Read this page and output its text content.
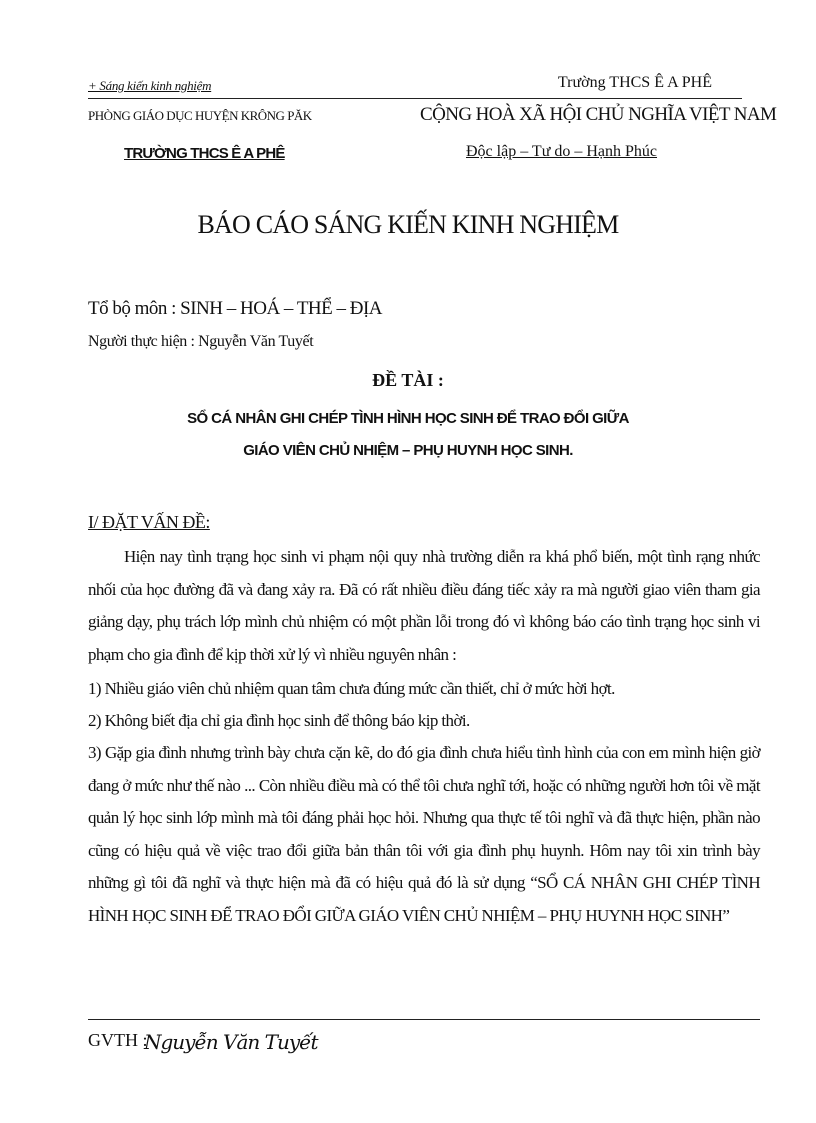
+ Sáng kiến kinh nghiệm	Trường THCS Ê A PHÊ
PHÒNG GIÁO DỤC HUYỆN KRÔNG PĂK	CỘNG HOÀ XÃ HỘI CHỦ NGHĨA VIỆT NAM
TRƯỜNG THCS Ê A PHÊ	Độc lập – Tư do – Hạnh Phúc
BÁO CÁO SÁNG KIẾN KINH NGHIỆM
Tổ bộ môn : SINH – HOÁ – THỂ – ĐỊA
Người thực hiện : Nguyễn Văn Tuyết
ĐỀ TÀI :
SỔ CÁ NHÂN GHI CHÉP TÌNH HÌNH HỌC SINH ĐỂ TRAO ĐỔI GIỮA
GIÁO VIÊN CHỦ NHIỆM – PHỤ HUYNH HỌC SINH.
I/ ĐẶT VẤN ĐỀ:
Hiện nay tình trạng học sinh vi phạm nội quy nhà trường diễn ra khá phổ biến, một tình rạng nhức nhối của học đường đã và đang xảy ra. Đã có rất nhiều điều đáng tiếc xảy ra mà người giao viên tham gia giảng dạy, phụ trách lớp mình chủ nhiệm có một phần lỗi trong đó vì không báo cáo tình trạng học sinh vi phạm cho gia đình để kịp thời xử lý vì nhiều nguyên nhân :
1) Nhiều giáo viên chủ nhiệm quan tâm chưa đúng mức cần thiết, chỉ ở mức hời hợt.
2) Không biết địa chỉ gia đình học sinh để thông báo kịp thời.
3) Gặp gia đình nhưng trình bày chưa cặn kẽ, do đó gia đình chưa hiểu tình hình của con em mình hiện giờ đang ở mức như thế nào ... Còn nhiều điều mà có thể tôi chưa nghĩ tới, hoặc có những người hơn tôi về mặt quản lý học sinh lớp mình mà tôi đáng phải học hỏi. Nhưng qua thực tế tôi nghĩ và đã thực hiện, phần nào cũng có hiệu quả về việc trao đổi giữa bản thân tôi với gia đình phụ huynh. Hôm nay tôi xin trình bày những gì tôi đã nghĩ và thực hiện mà đã có hiệu quả đó là sử dụng “SỔ CÁ NHÂN GHI CHÉP TÌNH HÌNH HỌC SINH ĐỂ TRAO ĐỔI GIỮA GIÁO VIÊN CHỦ NHIỆM – PHỤ HUYNH HỌC SINH”
GVTH :
Nguyễn Văn Tuyết
